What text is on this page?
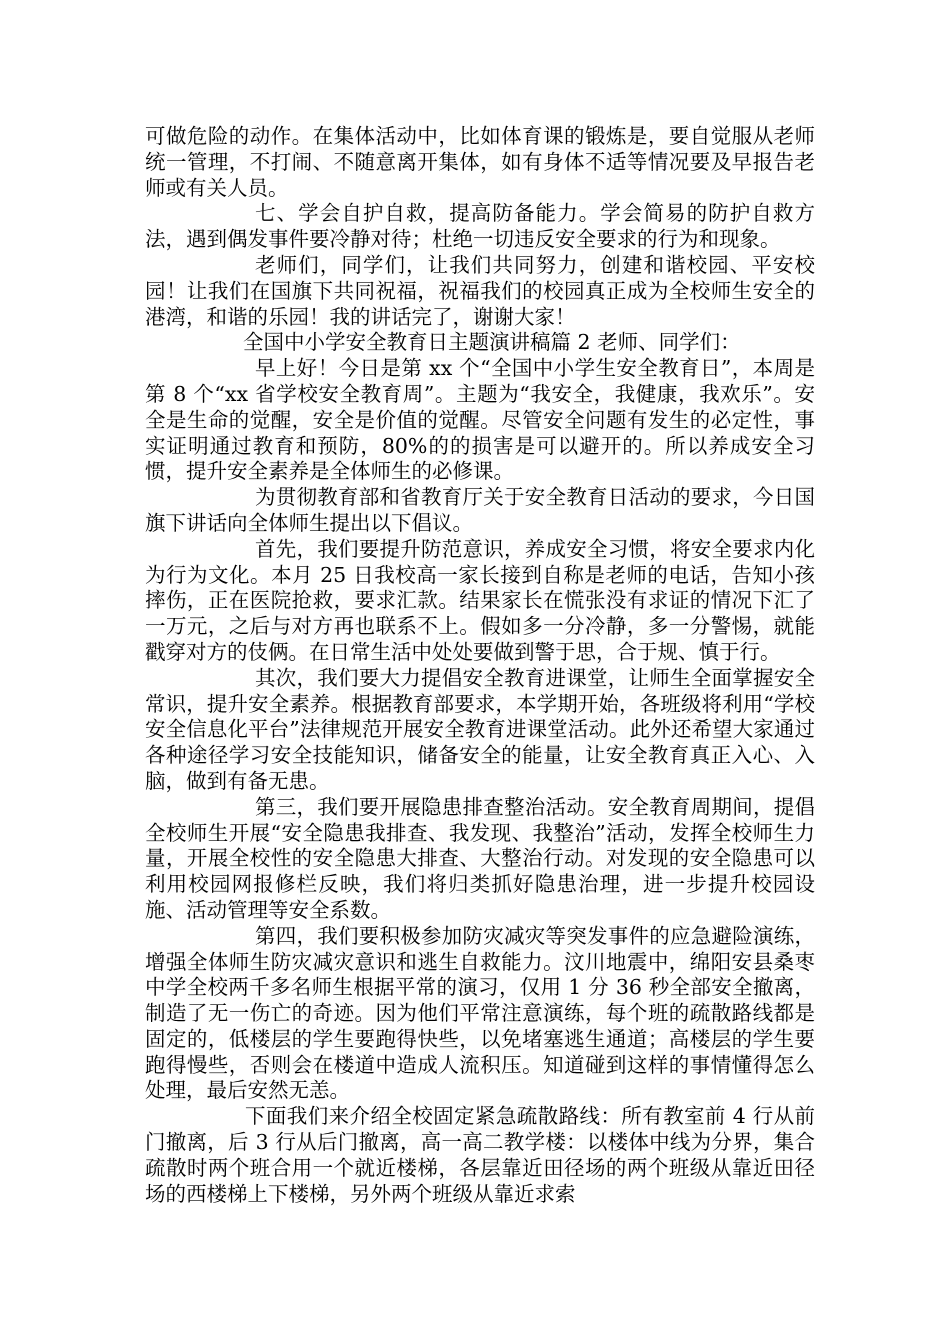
可做危险的动作。在集体活动中，比如体育课的锻炼是，要自觉服从老师统一管理，不打闹、不随意离开集体，如有身体不适等情况要及早报告老师或有关人员。

七、学会自护自救，提高防备能力。学会简易的防护自救方法，遇到偶发事件要冷静对待；杜绝一切违反安全要求的行为和现象。

老师们，同学们，让我们共同努力，创建和谐校园、平安校园！让我们在国旗下共同祝福，祝福我们的校园真正成为全校师生安全的港湾，和谐的乐园！我的讲话完了，谢谢大家！

全国中小学安全教育日主题演讲稿篇 2 老师、同学们：

早上好！今日是第 xx 个“全国中小学生安全教育日”，本周是第 8 个“xx 省学校安全教育周”。主题为“我安全，我健康，我欢乐”。安全是生命的觉醒，安全是价值的觉醒。尽管安全问题有发生的必定性，事实证明通过教育和预防，80%的的损害是可以避开的。所以养成安全习惯，提升安全素养是全体师生的必修课。

为贯彻教育部和省教育厅关于安全教育日活动的要求，今日国旗下讲话向全体师生提出以下倡议。

首先，我们要提升防范意识，养成安全习惯，将安全要求内化为行为文化。本月 25 日我校高一家长接到自称是老师的电话，告知小孩摔伤，正在医院抢救，要求汇款。结果家长在慌张没有求证的情况下汇了一万元，之后与对方再也联系不上。假如多一分冷静，多一分警惕，就能戳穿对方的伎俩。在日常生活中处处要做到警于思，合于规、慎于行。

其次，我们要大力提倡安全教育进课堂，让师生全面掌握安全常识，提升安全素养。根据教育部要求，本学期开始，各班级将利用“学校安全信息化平台”法律规范开展安全教育进课堂活动。此外还希望大家通过各种途径学习安全技能知识，储备安全的能量，让安全教育真正入心、入脑，做到有备无患。

第三，我们要开展隐患排查整治活动。安全教育周期间，提倡全校师生开展“安全隐患我排查、我发现、我整治”活动，发挥全校师生力量，开展全校性的安全隐患大排查、大整治行动。对发现的安全隐患可以利用校园网报修栏反映，我们将归类抓好隐患治理，进一步提升校园设施、活动管理等安全系数。

第四，我们要积极参加防灾减灾等突发事件的应急避险演练，增强全体师生防灾减灾意识和逃生自救能力。汶川地震中，绵阳安县桑枣中学全校两千多名师生根据平常的演习，仅用 1 分 36 秒全部安全撤离，制造了无一伤亡的奇迹。因为他们平常注意演练，每个班的疏散路线都是固定的，低楼层的学生要跑得快些，以免堵塞逃生通道；高楼层的学生要跑得慢些，否则会在楼道中造成人流积压。知道碰到这样的事情懂得怎么处理，最后安然无恙。

下面我们来介绍全校固定紧急疏散路线：所有教室前 4 行从前门撤离，后 3 行从后门撤离，高一高二教学楼：以楼体中线为分界，集合疏散时两个班合用一个就近楼梯，各层靠近田径场的两个班级从靠近田径场的西楼梯上下楼梯，另外两个班级从靠近求索
